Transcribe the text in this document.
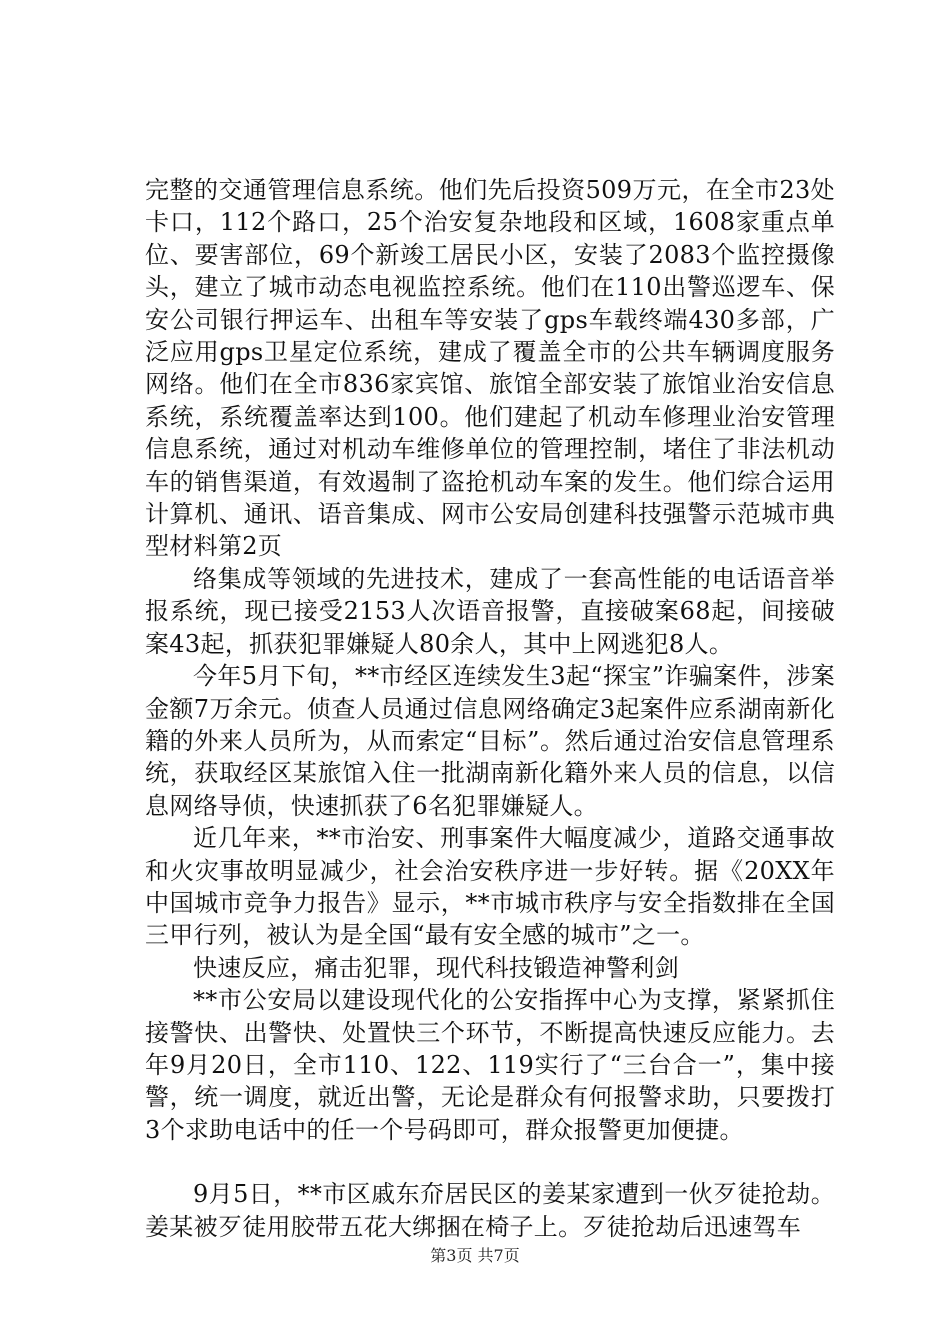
完整的交通管理信息系统。他们先后投资509万元，在全市23处卡口，112个路口，25个治安复杂地段和区域，1608家重点单位、要害部位，69个新竣工居民小区，安装了2083个监控摄像头，建立了城市动态电视监控系统。他们在110出警巡逻车、保安公司银行押运车、出租车等安装了gps车载终端430多部，广泛应用gps卫星定位系统，建成了覆盖全市的公共车辆调度服务网络。他们在全市836家宾馆、旅馆全部安装了旅馆业治安信息系统，系统覆盖率达到100。他们建起了机动车修理业治安管理信息系统，通过对机动车维修单位的管理控制，堵住了非法机动车的销售渠道，有效遏制了盗抢机动车案的发生。他们综合运用计算机、通讯、语音集成、网市公安局创建科技强警示范城市典型材料第2页

络集成等领域的先进技术，建成了一套高性能的电话语音举报系统，现已接受2153人次语音报警，直接破案68起，间接破案43起，抓获犯罪嫌疑人80余人，其中上网逃犯8人。

今年5月下旬，**市经区连续发生3起“探宝”诈骗案件，涉案金额7万余元。侦查人员通过信息网络确定3起案件应系湖南新化籍的外来人员所为，从而索定“目标”。然后通过治安信息管理系统，获取经区某旅馆入住一批湖南新化籍外来人员的信息，以信息网络导侦，快速抓获了6名犯罪嫌疑人。

近几年来，**市治安、刑事案件大幅度减少，道路交通事故和火灾事故明显减少，社会治安秩序进一步好转。据《20XX年中国城市竞争力报告》显示，**市城市秩序与安全指数排在全国三甲行列，被认为是全国“最有安全感的城市”之一。

快速反应，痛击犯罪，现代科技锻造神警利剑

**市公安局以建设现代化的公安指挥中心为支撑，紧紧抓住接警快、出警快、处置快三个环节，不断提高快速反应能力。去年9月20日，全市110、122、119实行了“三台合一”，集中接警，统一调度，就近出警，无论是群众有何报警求助，只要拨打3个求助电话中的任一个号码即可，群众报警更加便捷。

9月5日，**市区戚东夼居民区的姜某家遭到一伙歹徒抢劫。姜某被歹徒用胶带五花大绑捆在椅子上。歹徒抢劫后迅速驾车

第3页 共7页
